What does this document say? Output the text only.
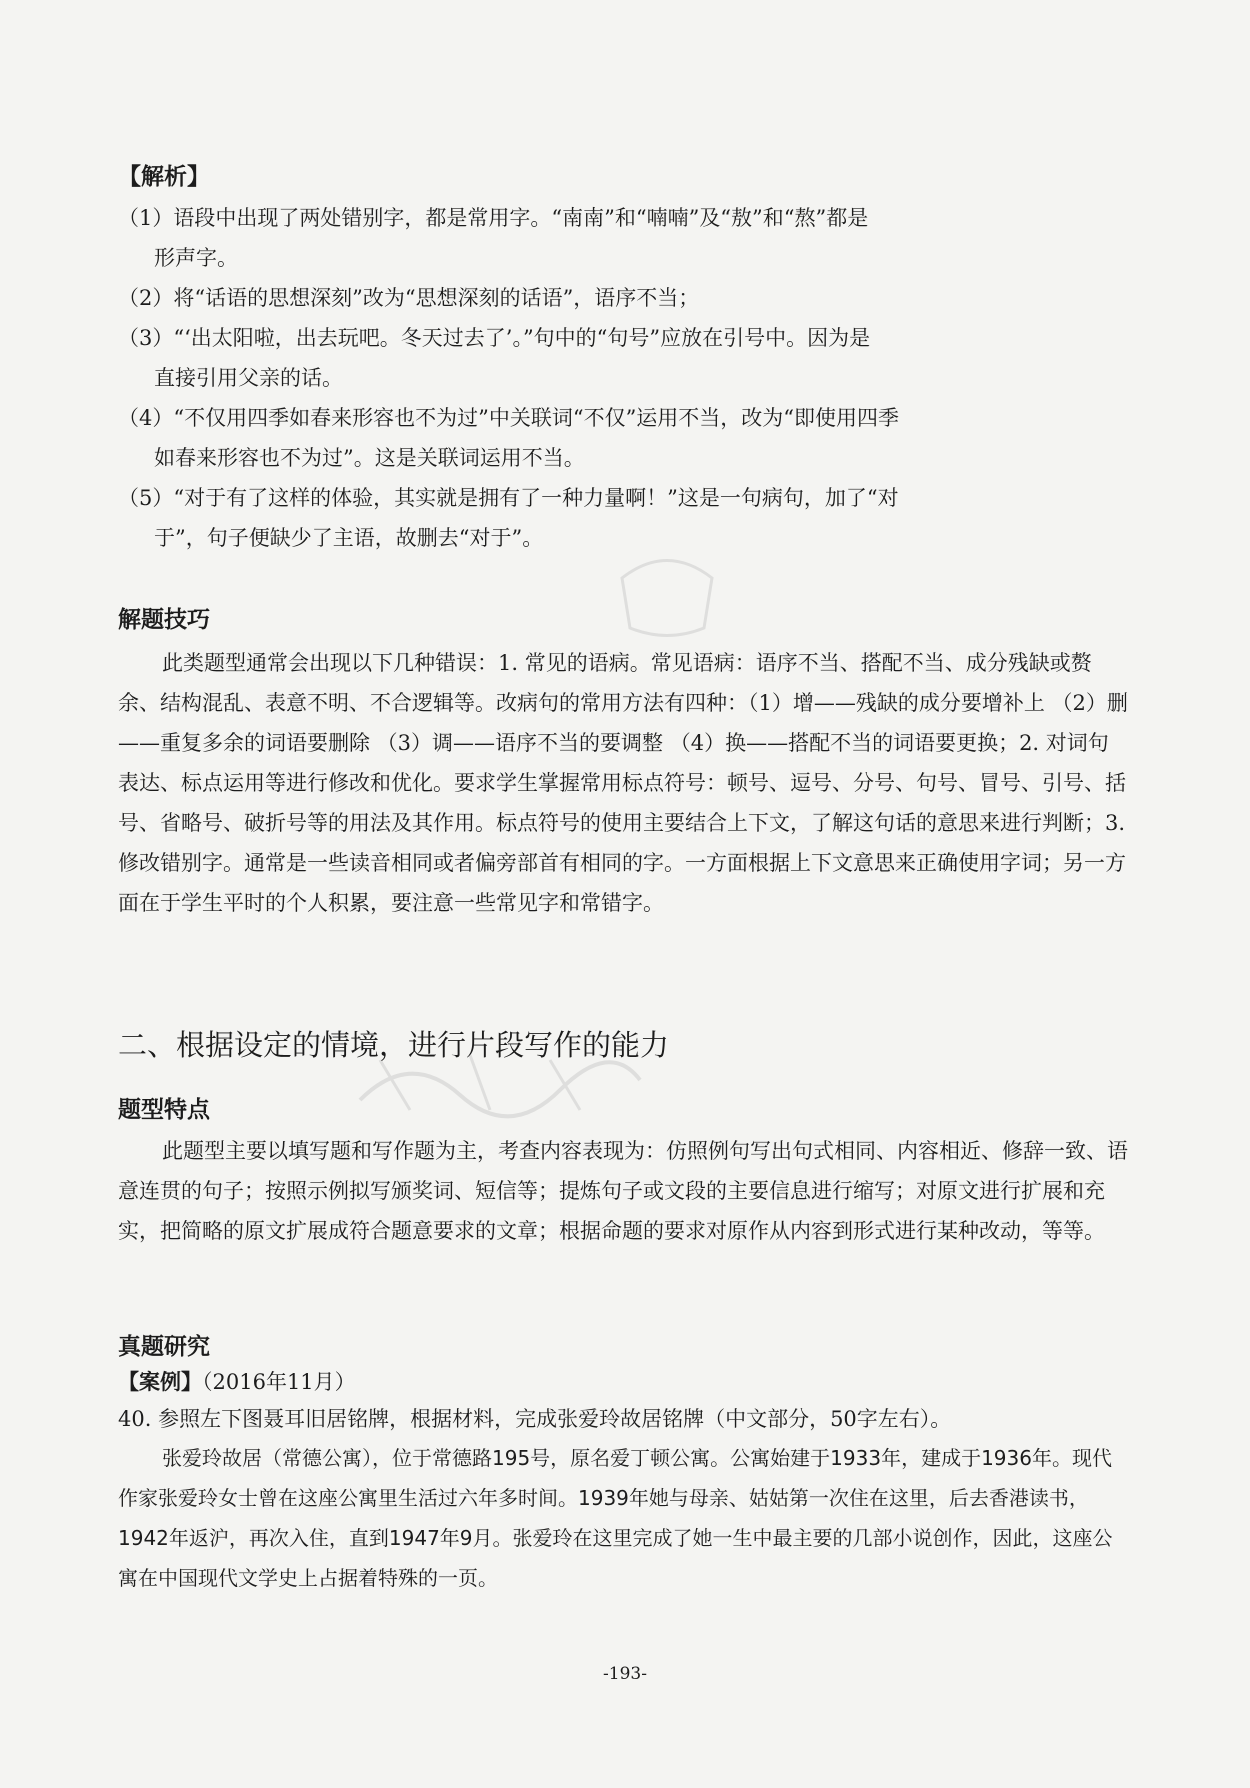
【解析】
（1）语段中出现了两处错别字，都是常用字。“南南”和“喃喃”及“敖”和“熬”都是
形声字。
（2）将“话语的思想深刻”改为“思想深刻的话语”，语序不当；
（3）“‘出太阳啦，出去玩吧。冬天过去了’。”句中的“句号”应放在引号中。因为是
直接引用父亲的话。
（4）“不仅用四季如春来形容也不为过”中关联词“不仅”运用不当，改为“即使用四季
如春来形容也不为过”。这是关联词运用不当。
（5）“对于有了这样的体验，其实就是拥有了一种力量啊！”这是一句病句，加了“对
于”，句子便缺少了主语，故删去“对于”。
解题技巧

此类题型通常会出现以下几种错误：1. 常见的语病。常见语病：语序不当、搭配不当、成分残缺或赘余、结构混乱、表意不明、不合逻辑等。改病句的常用方法有四种：（1）增——残缺的成分要增补上 （2）删——重复多余的词语要删除 （3）调——语序不当的要调整 （4）换——搭配不当的词语要更换；2. 对词句表达、标点运用等进行修改和优化。要求学生掌握常用标点符号：顿号、逗号、分号、句号、冒号、引号、括号、省略号、破折号等的用法及其作用。标点符号的使用主要结合上下文，了解这句话的意思来进行判断；3.修改错别字。通常是一些读音相同或者偏旁部首有相同的字。一方面根据上下文意思来正确使用字词；另一方面在于学生平时的个人积累，要注意一些常见字和常错字。

二、根据设定的情境，进行片段写作的能力
题型特点

此题型主要以填写题和写作题为主，考查内容表现为：仿照例句写出句式相同、内容相近、修辞一致、语意连贯的句子；按照示例拟写颁奖词、短信等；提炼句子或文段的主要信息进行缩写；对原文进行扩展和充实，把简略的原文扩展成符合题意要求的文章；根据命题的要求对原作从内容到形式进行某种改动，等等。

真题研究
【案例】（2016年11月）
40. 参照左下图聂耳旧居铭牌，根据材料，完成张爱玲故居铭牌（中文部分，50字左右）。

张爱玲故居（常德公寓），位于常德路195号，原名爱丁顿公寓。公寓始建于1933年，建成于1936年。现代作家张爱玲女士曾在这座公寓里生活过六年多时间。1939年她与母亲、姑姑第一次住在这里，后去香港读书，1942年返沪，再次入住，直到1947年9月。张爱玲在这里完成了她一生中最主要的几部小说创作，因此，这座公寓在中国现代文学史上占据着特殊的一页。

-193-
